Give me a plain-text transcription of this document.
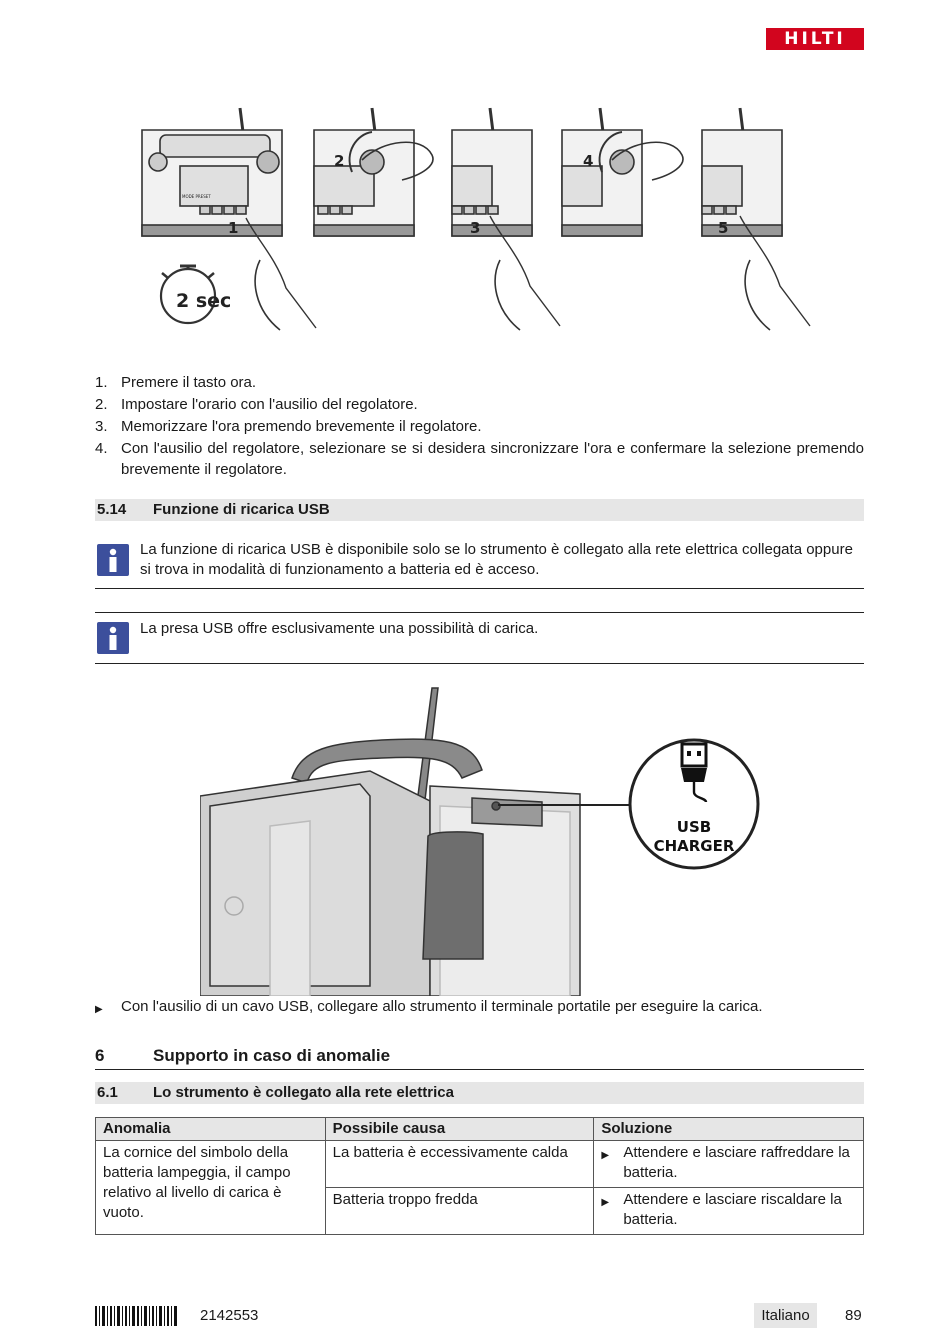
HILTI
1
2
3
4
5
2 sec
MODE PRESET
1. Premere il tasto ora.
2. Impostare l'orario con l'ausilio del regolatore.
3. Memorizzare l'ora premendo brevemente il regolatore.
4. Con l'ausilio del regolatore, selezionare se si desidera sincronizzare l'ora e confermare la selezione premendo brevemente il regolatore.
5.14 Funzione di ricarica USB
La funzione di ricarica USB è disponibile solo se lo strumento è collegato alla rete elettrica collegata oppure si trova in modalità di funzionamento a batteria ed è acceso.
La presa USB offre esclusivamente una possibilità di carica.
USB
CHARGER
▶ Con l'ausilio di un cavo USB, collegare allo strumento il terminale portatile per eseguire la carica.
6	Supporto in caso di anomalie
6.1 Lo strumento è collegato alla rete elettrica
Anomalia	Possibile causa	Soluzione
La cornice del simbolo della batteria lampeggia, il campo relativo al livello di carica è vuoto.	La batteria è eccessivamente calda	▶ Attendere e lasciare raffreddare la batteria.

	Batteria troppo fredda	▶ Attendere e lasciare riscaldare la batteria.
2142553	Italiano	89
